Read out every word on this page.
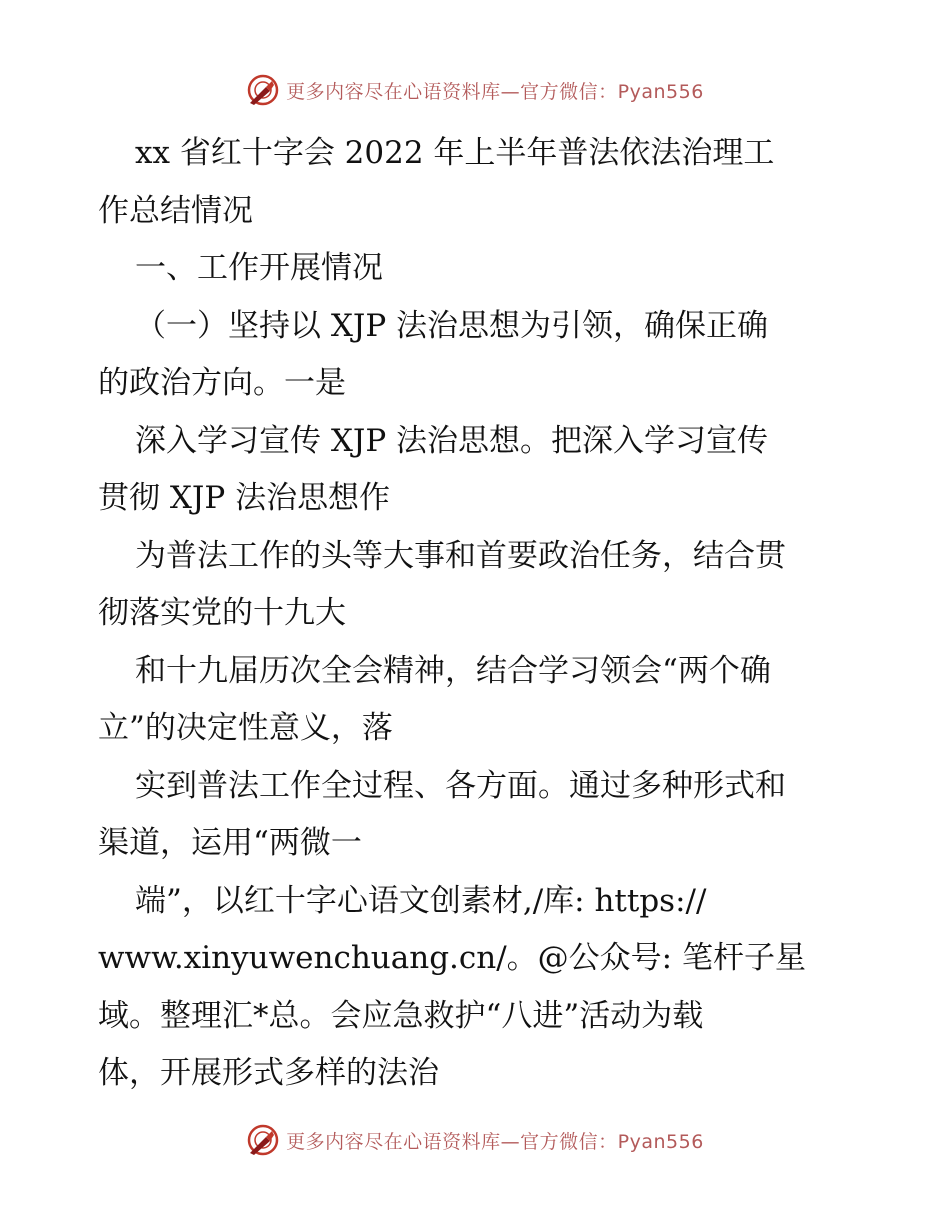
更多内容尽在心语资料库—官方微信：Pyan556
xx 省红十字会 2022 年上半年普法依法治理工
作总结情况
一、工作开展情况
（一）坚持以 XJP 法治思想为引领，确保正确
的政治方向。一是
深入学习宣传 XJP 法治思想。把深入学习宣传
贯彻 XJP 法治思想作
为普法工作的头等大事和首要政治任务，结合贯
彻落实党的十九大
和十九届历次全会精神，结合学习领会“两个确
立”的决定性意义，落
实到普法工作全过程、各方面。通过多种形式和
渠道，运用“两微一
端”，以红十字心语文创素材,/库: https://
www.xinyuwenchuang.cn/。@公众号: 笔杆子星
域。整理汇*总。会应急救护“八进”活动为载
体，开展形式多样的法治
更多内容尽在心语资料库—官方微信：Pyan556
